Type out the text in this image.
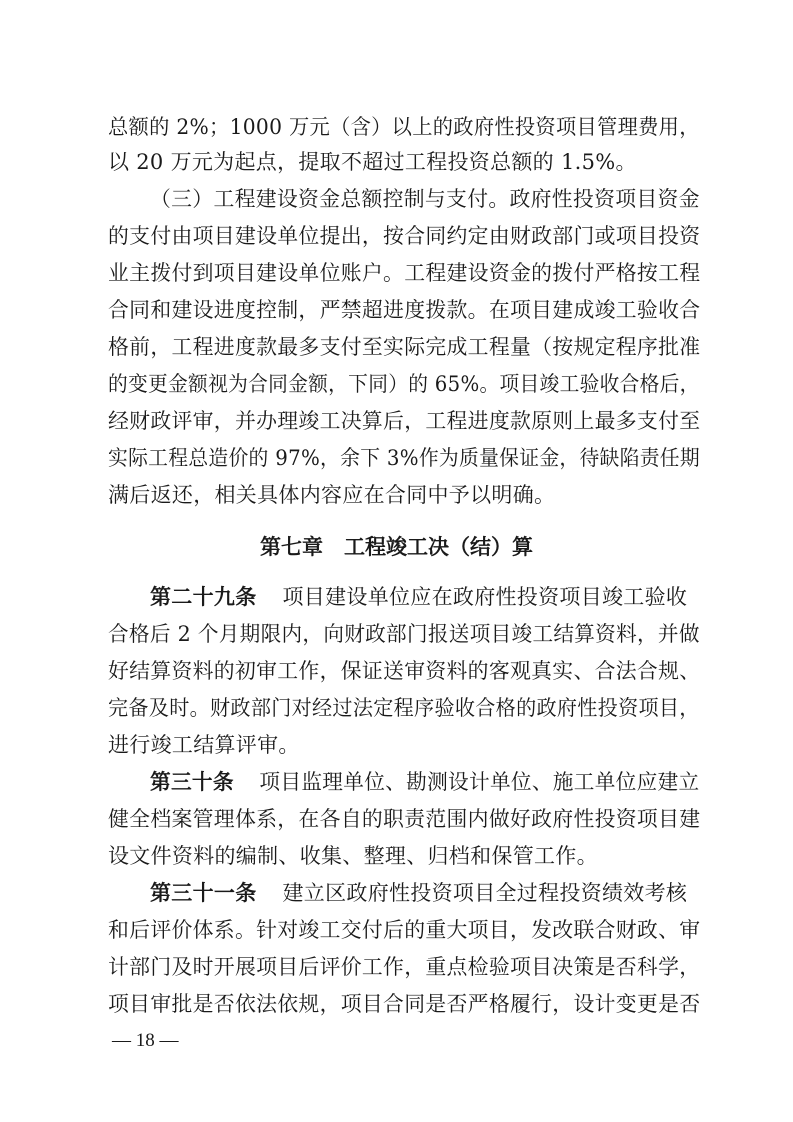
总额的 2%；1000 万元（含）以上的政府性投资项目管理费用，
以 20 万元为起点，提取不超过工程投资总额的 1.5%。
（三）工程建设资金总额控制与支付。政府性投资项目资金
的支付由项目建设单位提出，按合同约定由财政部门或项目投资
业主拨付到项目建设单位账户。工程建设资金的拨付严格按工程
合同和建设进度控制，严禁超进度拨款。在项目建成竣工验收合
格前，工程进度款最多支付至实际完成工程量（按规定程序批准
的变更金额视为合同金额，下同）的 65%。项目竣工验收合格后，
经财政评审，并办理竣工决算后，工程进度款原则上最多支付至
实际工程总造价的 97%，余下 3%作为质量保证金，待缺陷责任期
满后返还，相关具体内容应在合同中予以明确。
第七章　工程竣工决（结）算
第二十九条 项目建设单位应在政府性投资项目竣工验收
合格后 2 个月期限内，向财政部门报送项目竣工结算资料，并做
好结算资料的初审工作，保证送审资料的客观真实、合法合规、
完备及时。财政部门对经过法定程序验收合格的政府性投资项目，
进行竣工结算评审。
第三十条 项目监理单位、勘测设计单位、施工单位应建立
健全档案管理体系，在各自的职责范围内做好政府性投资项目建
设文件资料的编制、收集、整理、归档和保管工作。
第三十一条 建立区政府性投资项目全过程投资绩效考核
和后评价体系。针对竣工交付后的重大项目，发改联合财政、审
计部门及时开展项目后评价工作，重点检验项目决策是否科学，
项目审批是否依法依规，项目合同是否严格履行，设计变更是否
— 18 —
